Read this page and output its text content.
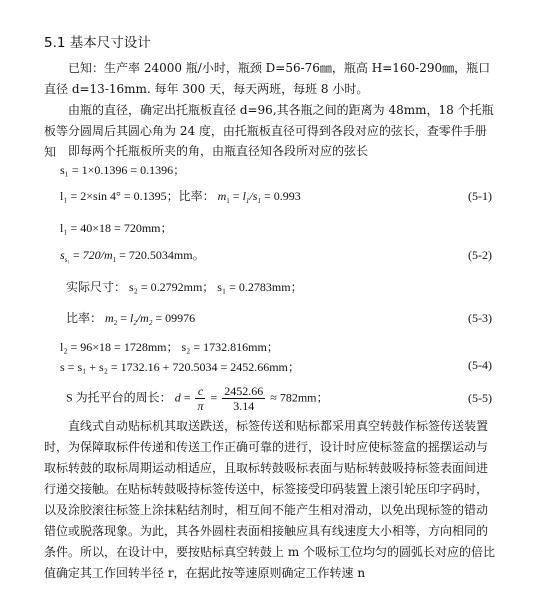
5.1 基本尺寸设计
已知：生产率 24000 瓶/小时，瓶颈 D=56-76㎜，瓶高 H=160-290㎜，瓶口直径 d=13-16mm. 每年 300 天，每天两班，每班 8 小时。
由瓶的直径，确定出托瓶板直径 d=96,其各瓶之间的距离为 48mm，18 个托瓶板等分圆周后其圆心角为 24 度，由托瓶板直径可得到各段对应的弦长，查零件手册知 即每两个托瓶板所夹的角，由瓶直径知各段所对应的弦长
s₁ = 1×0.1396 = 0.1396；
l₁ = 2×sin 4° = 0.1395；比率： $m_1 = l_1/s_1 = 0.993$	(5-1)
l₁ = 40×18 = 720mm；
$s_{s_1} = 720/m_1 = 720.5034mm$。	(5-2)
实际尺寸： s₂ = 0.2792mm； s₁ = 0.2783mm；
比率： $m_2 = l_2/m_2 = 09976$	(5-3)
l₂ = 96×18 = 1728mm； s₂ = 1732.816mm；
s = s₁ + s₂ = 1732.16 + 720.5034 = 2452.66mm；	(5-4)
S 为托平台的周长： $d = \frac{c}{\pi} = \frac{2452.66}{3.14} \approx 782mm$；	(5-5)
直线式自动贴标机其取送跌送，标签传送和贴标都采用真空转鼓作标签传送装置时，为保障取标件传递和传送工作正确可靠的进行，设计时应使标签盒的摇摆运动与取标转鼓的取标周期运动相适应，且取标转鼓吸标表面与贴标转鼓吸持标签表面间进行递交接触。在贴标转鼓吸持标签传送中，标签接受印码装置上滚引轮压印字码时，以及涂胶滚往标签上涂抹粘结剂时，相互间不能产生相对滑动，以免出现标签的错动错位或脱落现象。为此，其各外圆柱表面相接触应具有线速度大小相等，方向相同的条件。所以，在设计中，要按贴标真空转鼓上 m 个吸标工位均匀的圆弧长对应的倍比值确定其工作回转半径 r，在据此按等速原则确定工作转速 n
